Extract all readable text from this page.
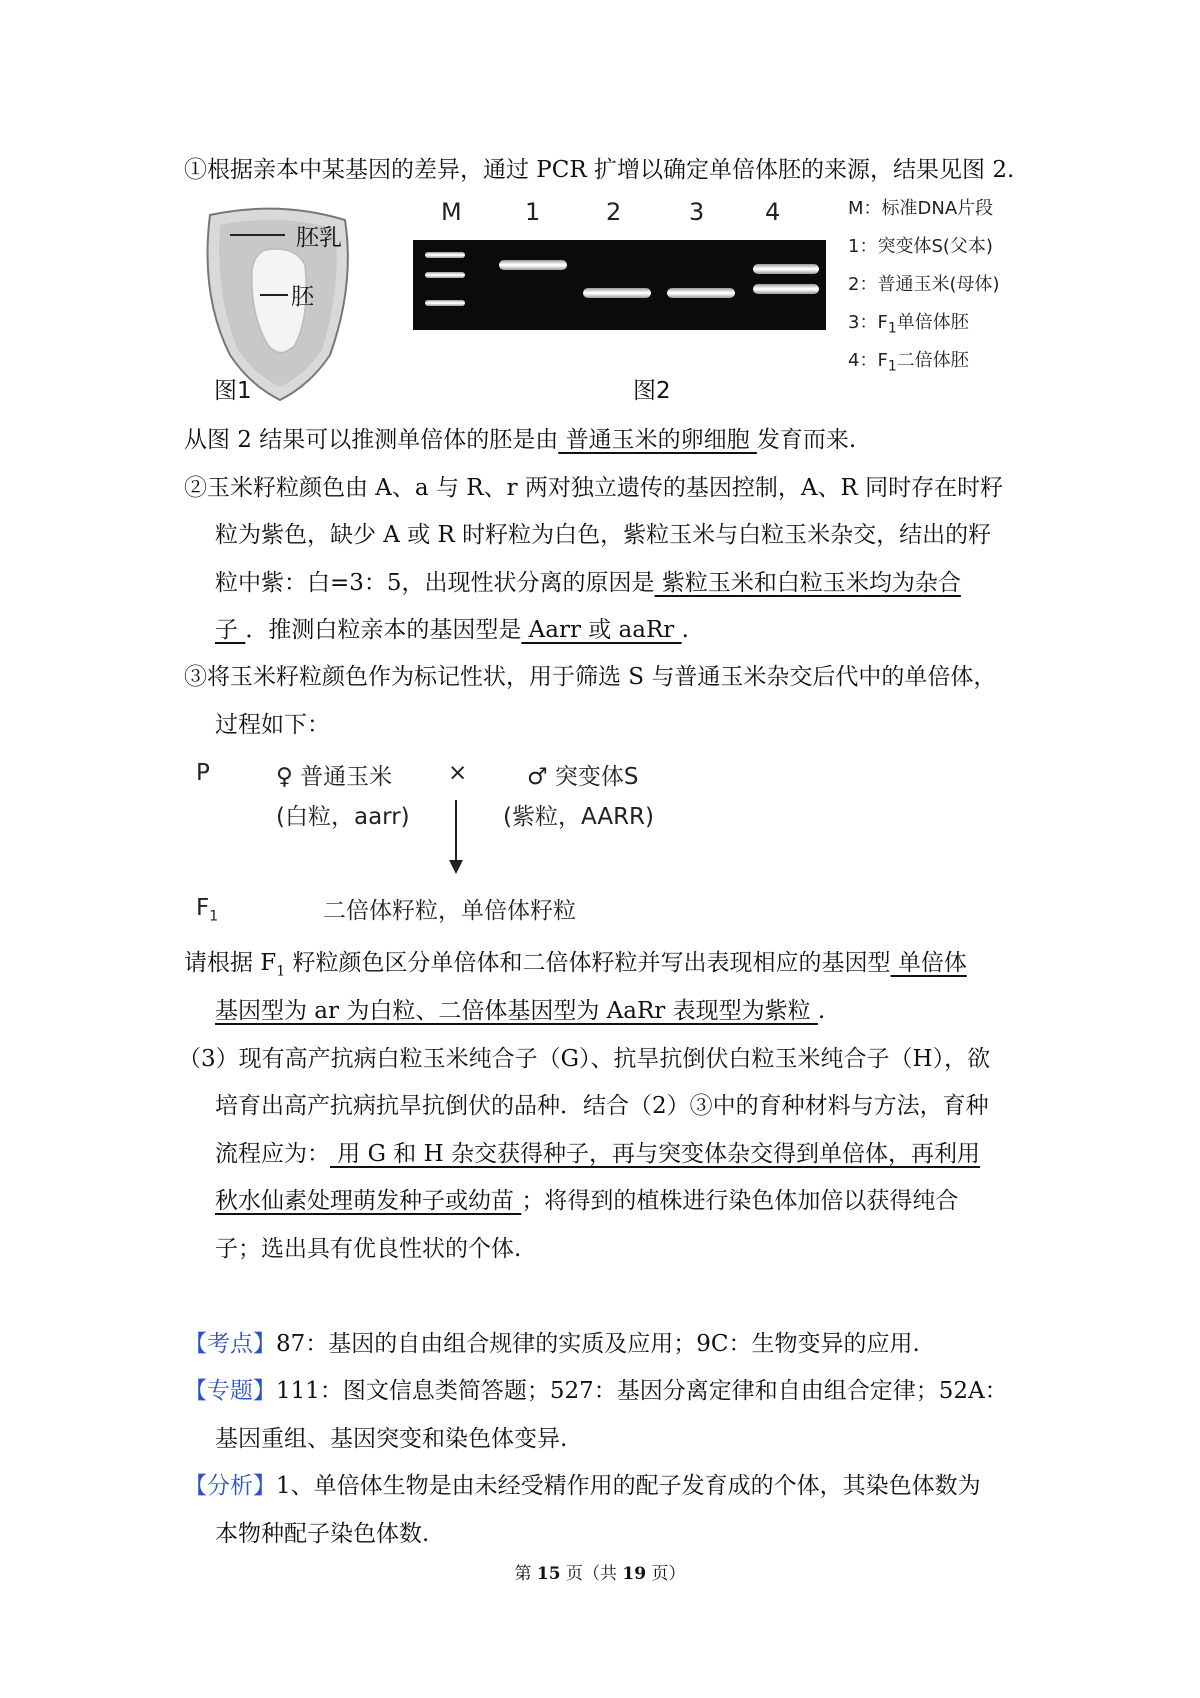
①根据亲本中某基因的差异，通过 PCR 扩增以确定单倍体胚的来源，结果见图 2.
胚乳
胚
图1
M	1	2	3	4
图2
M：标准DNA片段
1：突变体S(父本)
2：普通玉米(母体)
3：$F_1$单倍体胚
4：$F_1$二倍体胚
从图 2 结果可以推测单倍体的胚是由 普通玉米的卵细胞 发育而来.
②玉米籽粒颜色由 A、a 与 R、r 两对独立遗传的基因控制，A、R 同时存在时籽
粒为紫色，缺少 A 或 R 时籽粒为白色，紫粒玉米与白粒玉米杂交，结出的籽
粒中紫：白=3：5，出现性状分离的原因是 紫粒玉米和白粒玉米均为杂合
子 ．推测白粒亲本的基因型是 Aarr 或 aaRr .
③将玉米籽粒颜色作为标记性状，用于筛选 S 与普通玉米杂交后代中的单倍体，
过程如下：
P	♀ 普通玉米
(白粒，aarr)
×	♂ 突变体S
(紫粒，AARR)
$F_1$	二倍体籽粒，单倍体籽粒
请根据 $F_1$ 籽粒颜色区分单倍体和二倍体籽粒并写出表现相应的基因型 单倍体
基因型为 ar 为白粒、二倍体基因型为 AaRr 表现型为紫粒 .
（3）现有高产抗病白粒玉米纯合子（G）、抗旱抗倒伏白粒玉米纯合子（H），欲
培育出高产抗病抗旱抗倒伏的品种．结合（2）③中的育种材料与方法，育种
流程应为： 用 G 和 H 杂交获得种子，再与突变体杂交得到单倍体，再利用
秋水仙素处理萌发种子或幼苗 ；将得到的植株进行染色体加倍以获得纯合
子；选出具有优良性状的个体.
【考点】87：基因的自由组合规律的实质及应用；9C：生物变异的应用.
【专题】111：图文信息类简答题；527：基因分离定律和自由组合定律；52A：
基因重组、基因突变和染色体变异.
【分析】1、单倍体生物是由未经受精作用的配子发育成的个体，其染色体数为
本物种配子染色体数.
第 15 页（共 19 页）
